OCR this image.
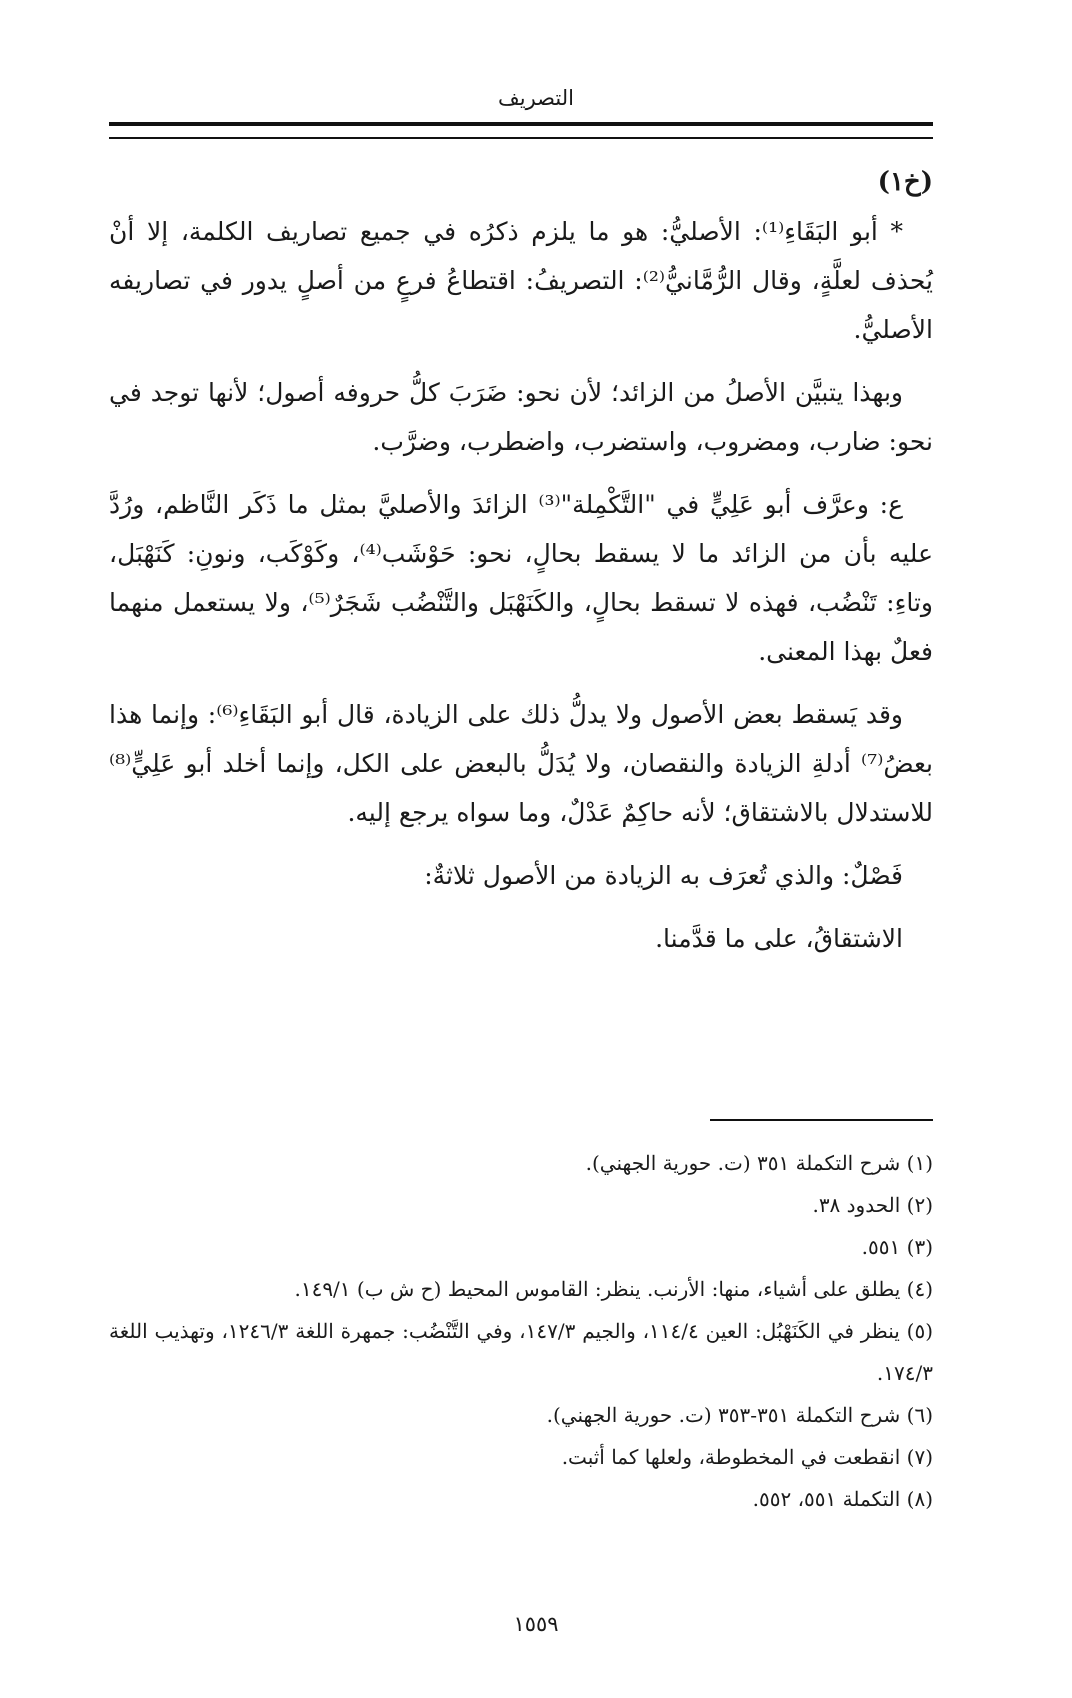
التصريف

(خ١)

* أبو البَقَاءِ⁽¹⁾: الأصليُّ: هو ما يلزم ذكرُه في جميع تصاريف الكلمة، إلا أنْ يُحذف لعلَّةٍ، وقال الرُّمَّانيُّ⁽²⁾: التصريفُ: اقتطاعُ فرعٍ من أصلٍ يدور في تصاريفه الأصليُّ.

وبهذا يتبيَّن الأصلُ من الزائد؛ لأن نحو: ضَرَبَ كلُّ حروفه أصول؛ لأنها توجد في نحو: ضارب، ومضروب، واستضرب، واضطرب، وضرَّب.

ع: وعرَّف أبو عَلِيٍّ في "التَّكْمِلة"⁽³⁾ الزائدَ والأصليَّ بمثل ما ذَكَر النَّاظم، ورُدَّ عليه بأن من الزائد ما لا يسقط بحالٍ، نحو: حَوْشَب⁽⁴⁾، وكَوْكَب، ونونِ: كَنَهْبَل، وتاءِ: تَنْضُب، فهذه لا تسقط بحالٍ، والكَنَهْبَل والتَّنْضُب شَجَرٌ⁽⁵⁾، ولا يستعمل منهما فعلٌ بهذا المعنى.

وقد يَسقط بعض الأصول ولا يدلُّ ذلك على الزيادة، قال أبو البَقَاءِ⁽⁶⁾: وإنما هذا بعضُ⁽⁷⁾ أدلةِ الزيادة والنقصان، ولا يُدَلُّ بالبعض على الكل، وإنما أخلد أبو عَلِيٍّ⁽⁸⁾ للاستدلال بالاشتقاق؛ لأنه حاكِمٌ عَدْلٌ، وما سواه يرجع إليه.

فَصْلٌ: والذي تُعرَف به الزيادة من الأصول ثلاثةٌ:

الاشتقاقُ، على ما قدَّمنا.

(١) شرح التكملة ٣٥١ (ت. حورية الجهني).

(٢) الحدود ٣٨.

(٣) ٥٥١.

(٤) يطلق على أشياء، منها: الأرنب. ينظر: القاموس المحيط (ح ش ب) ١٤٩/١.

(٥) ينظر في الكَنَهْبُل: العين ١١٤/٤، والجيم ١٤٧/٣، وفي التَّنْضُب: جمهرة اللغة ١٢٤٦/٣، وتهذيب اللغة ١٧٤/٣.

(٦) شرح التكملة ٣٥١-٣٥٣ (ت. حورية الجهني).

(٧) انقطعت في المخطوطة، ولعلها كما أثبت.

(٨) التكملة ٥٥١، ٥٥٢.

١٥٥٩
